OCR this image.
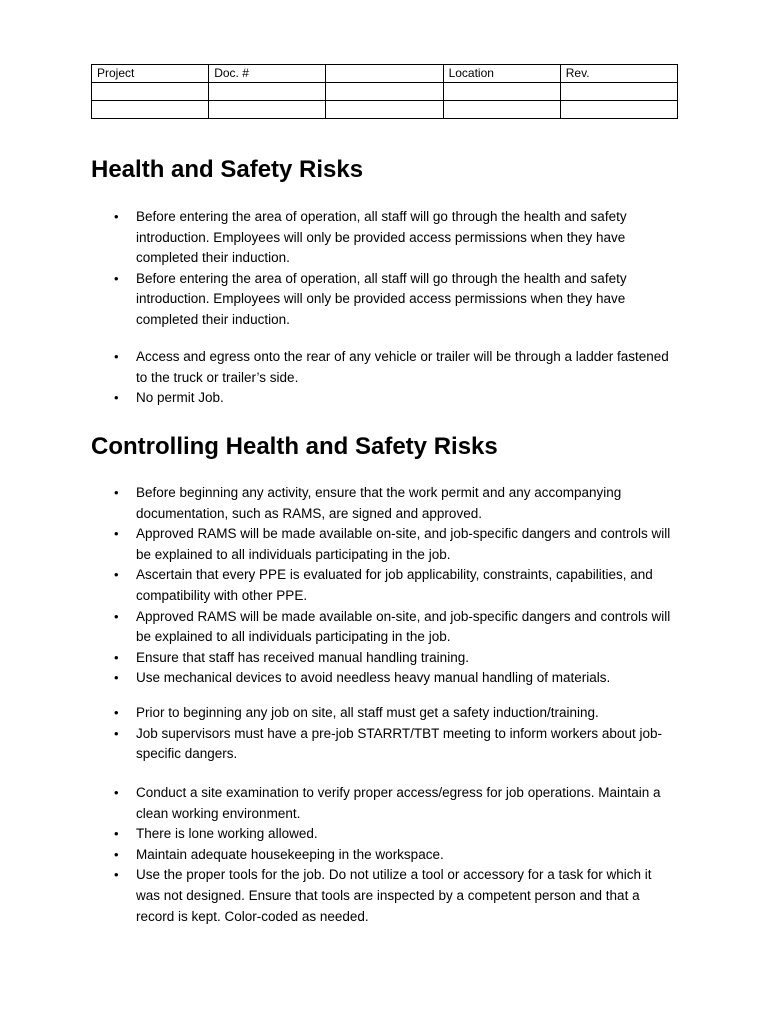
Project	Doc. #		Location	Rev.

Health and Safety Risks
• Before entering the area of operation, all staff will go through the health and safety introduction. Employees will only be provided access permissions when they have completed their induction.
• Before entering the area of operation, all staff will go through the health and safety introduction. Employees will only be provided access permissions when they have completed their induction.
• Access and egress onto the rear of any vehicle or trailer will be through a ladder fastened to the truck or trailer’s side.
• No permit Job.
Controlling Health and Safety Risks
• Before beginning any activity, ensure that the work permit and any accompanying documentation, such as RAMS, are signed and approved.
• Approved RAMS will be made available on-site, and job-specific dangers and controls will be explained to all individuals participating in the job.
• Ascertain that every PPE is evaluated for job applicability, constraints, capabilities, and compatibility with other PPE.
• Approved RAMS will be made available on-site, and job-specific dangers and controls will be explained to all individuals participating in the job.
• Ensure that staff has received manual handling training.
• Use mechanical devices to avoid needless heavy manual handling of materials.
• Prior to beginning any job on site, all staff must get a safety induction/training.
• Job supervisors must have a pre-job STARRT/TBT meeting to inform workers about job-specific dangers.
• Conduct a site examination to verify proper access/egress for job operations. Maintain a clean working environment.
• There is lone working allowed.
• Maintain adequate housekeeping in the workspace.
• Use the proper tools for the job. Do not utilize a tool or accessory for a task for which it was not designed. Ensure that tools are inspected by a competent person and that a record is kept. Color-coded as needed.
